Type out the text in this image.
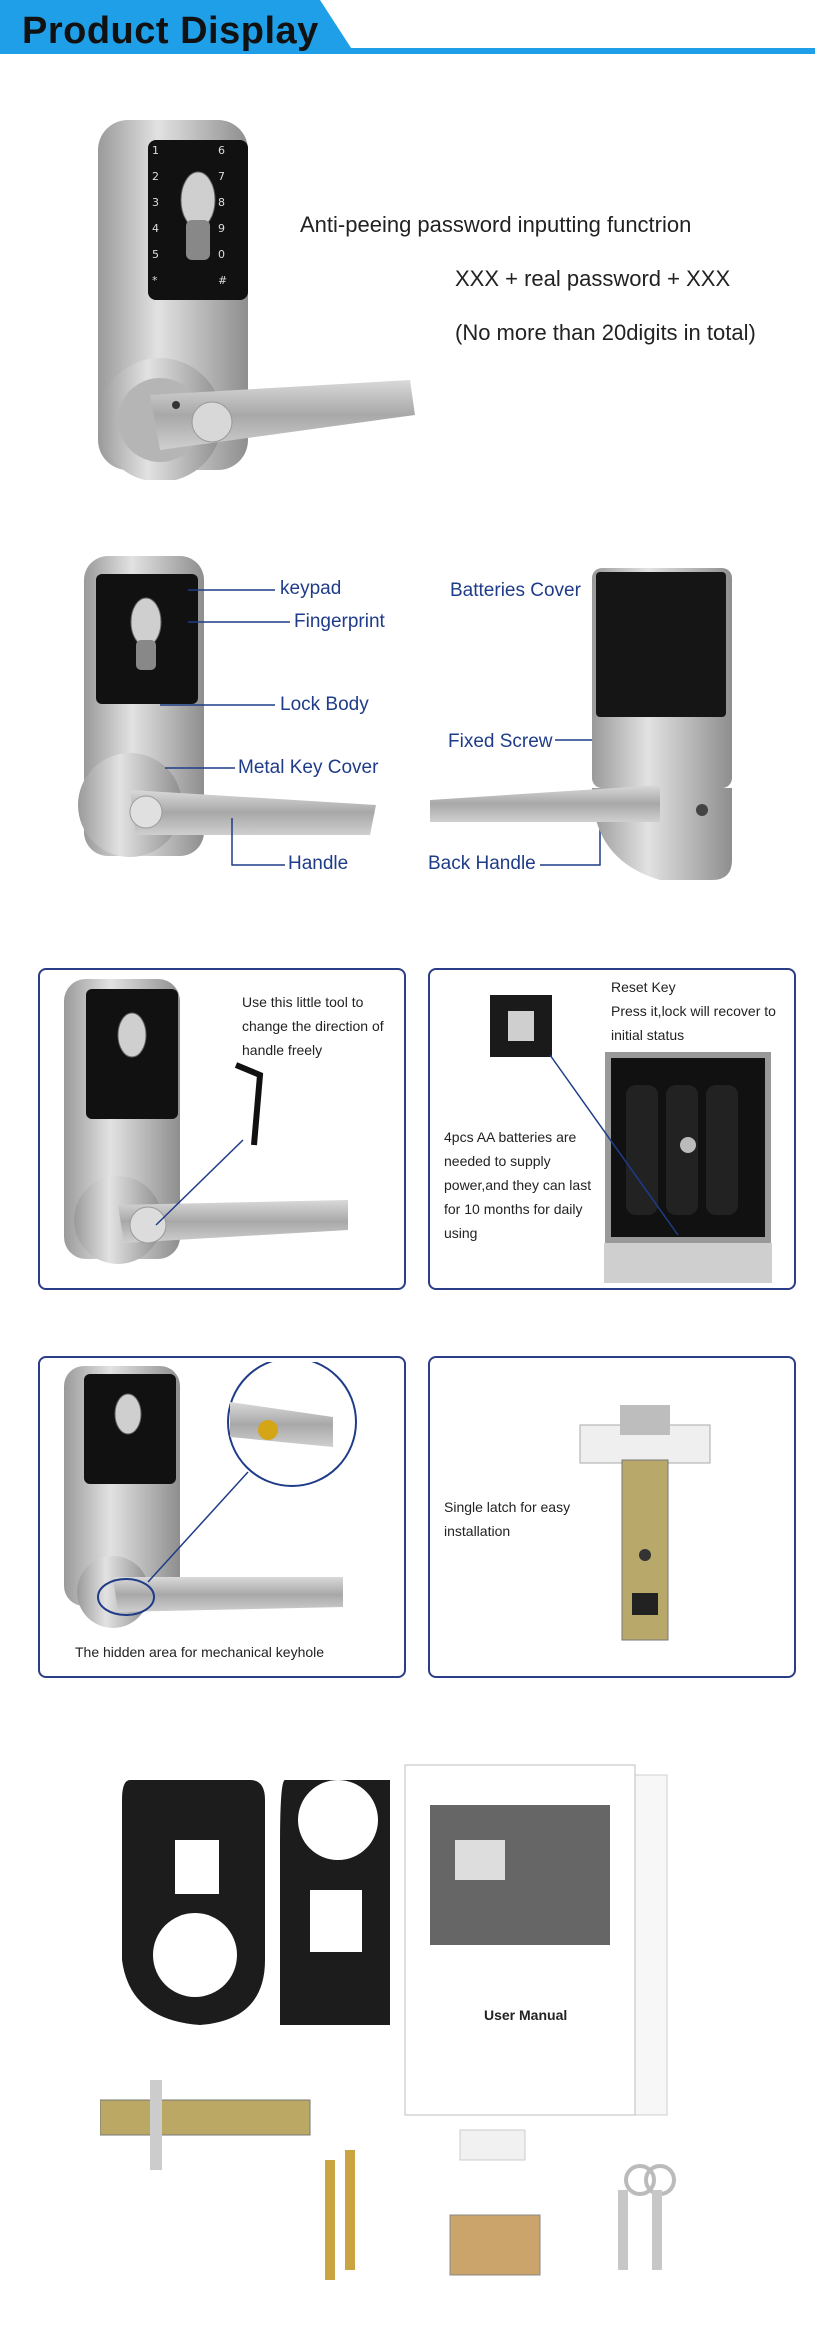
Product Display
1	6
2	7
3	8
4	9
5	0
*	#
Anti-peeing password inputting functrion
XXX + real password + XXX
(No more than 20digits in total)
keypad
Fingerprint
Lock Body
Metal Key Cover
Handle
Batteries Cover
Fixed Screw
Back Handle
Use this little tool to change the direction of handle freely
Reset Key
Press it,lock will recover to initial status
4pcs AA batteries are needed to supply power,and they can last for 10 months for daily using
The hidden area for mechanical keyhole
Single latch for easy installation
User Manual
